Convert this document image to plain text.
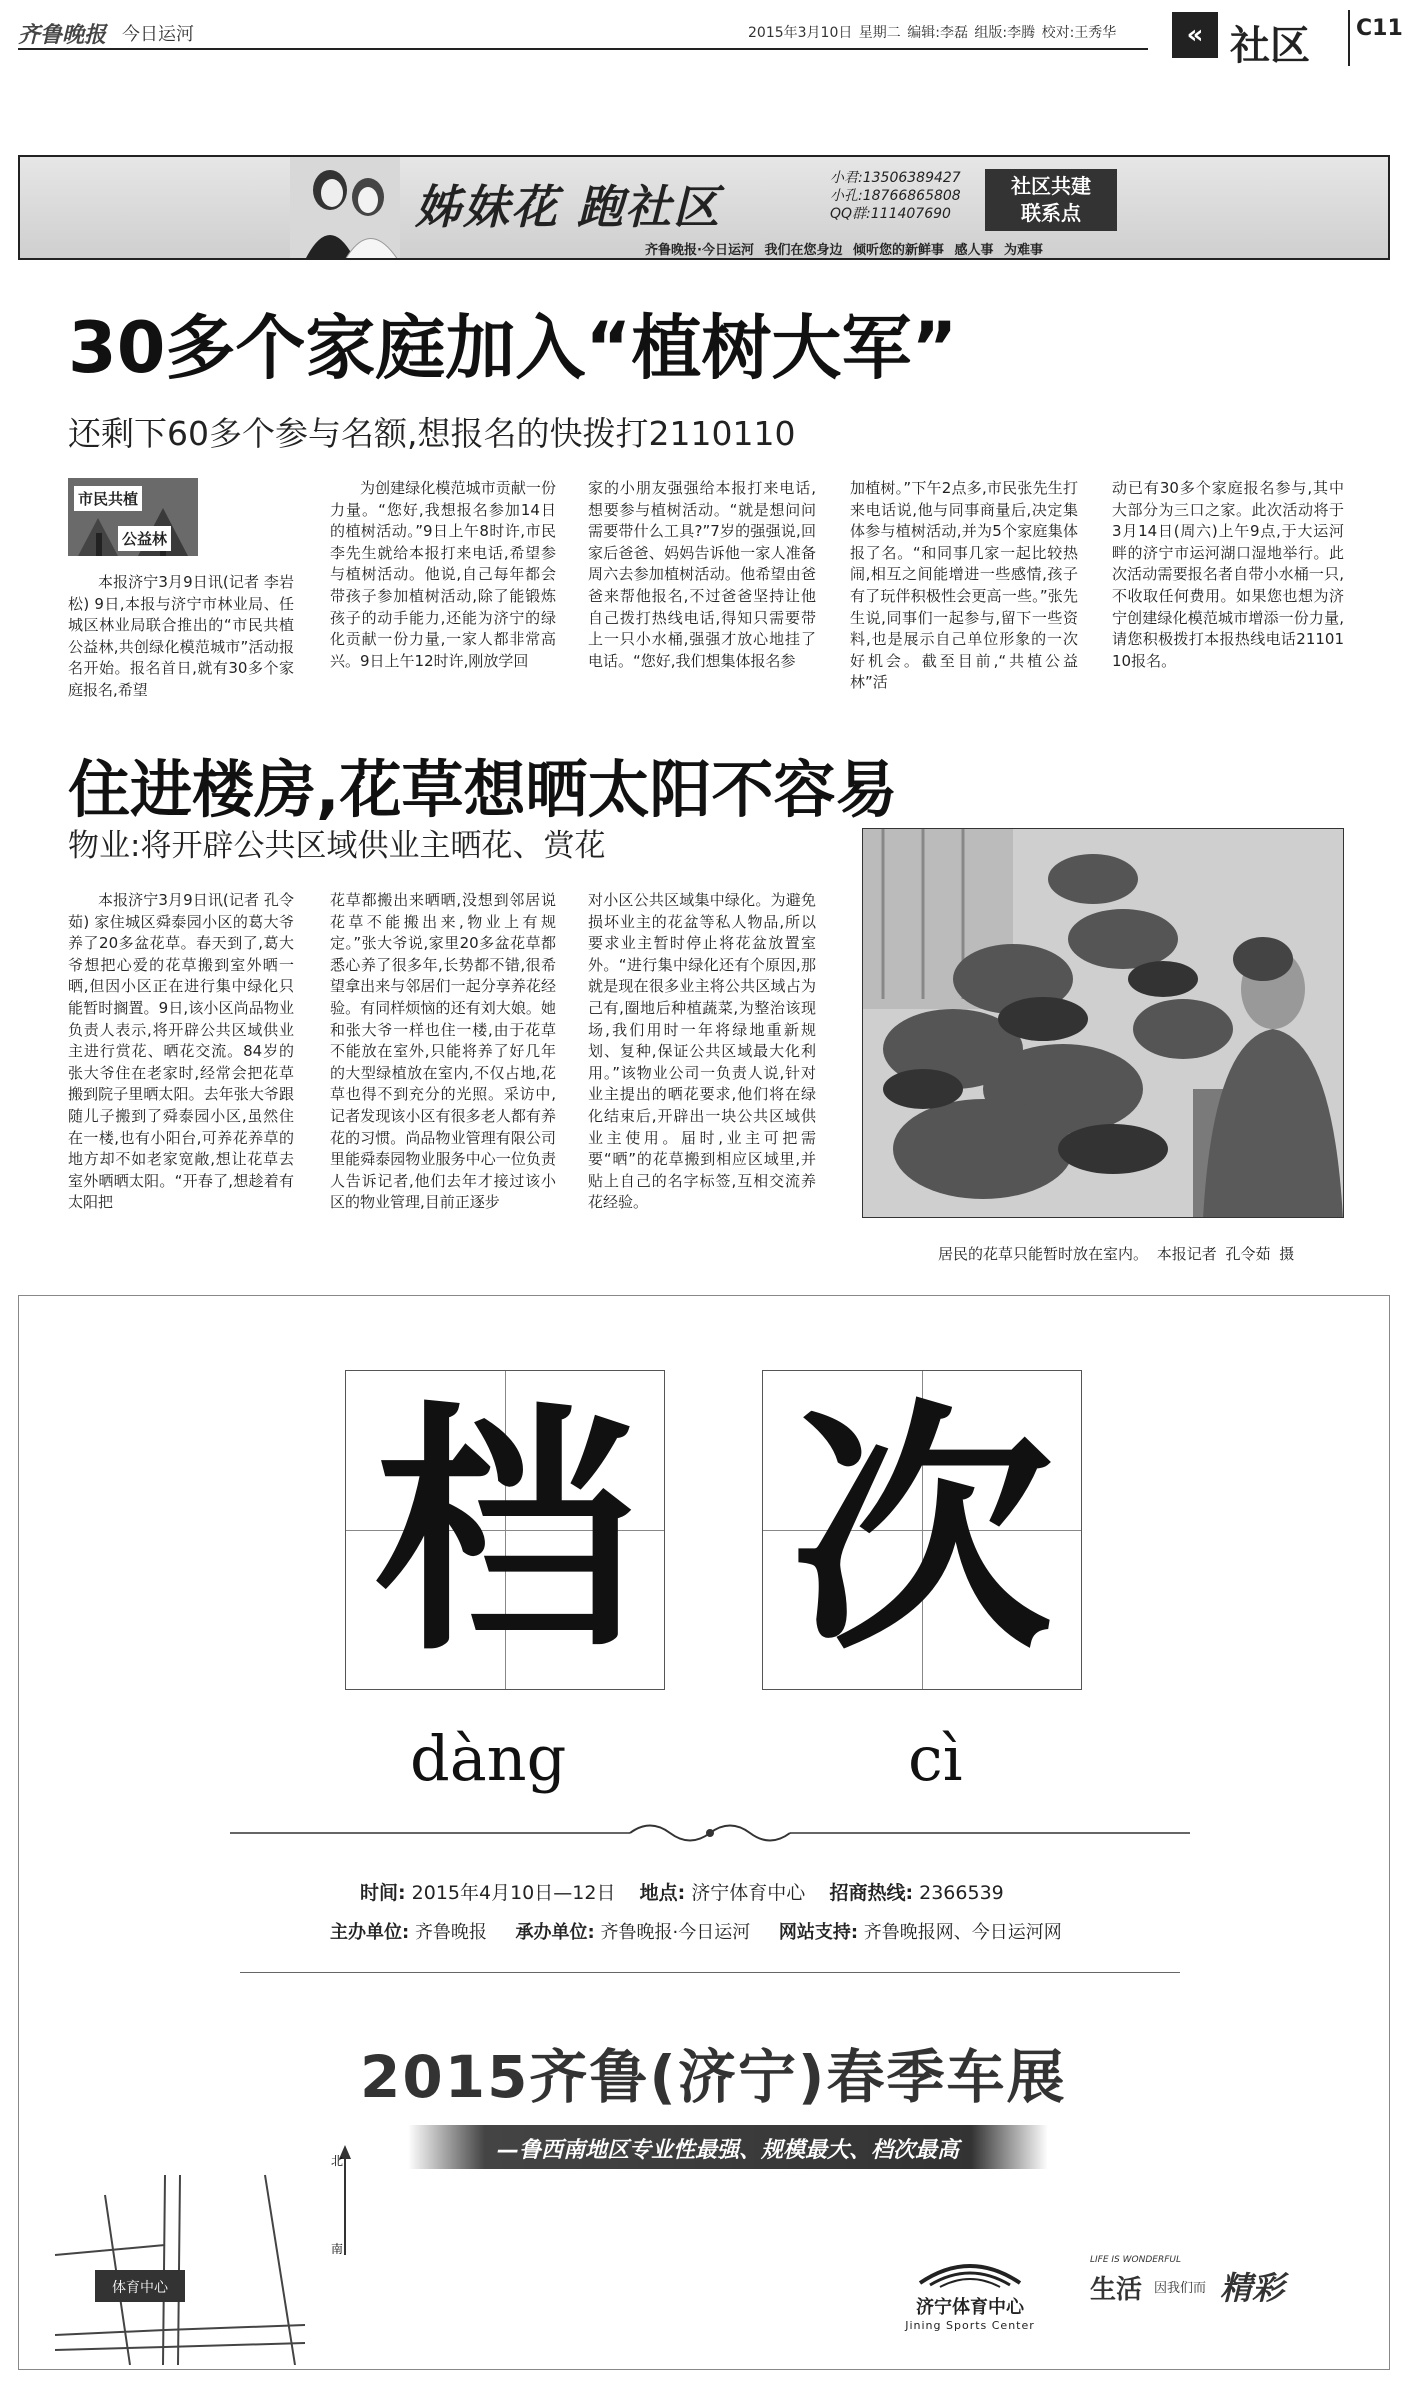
齐鲁晚报 今日运河	2015年3月10日 星期二 编辑:李磊 组版:李腾 校对:王秀华	« 社区 C11
姊妹花 跑社区
小君:13506389427
小孔:18766865808
QQ群:111407690
社区共建
联系点
齐鲁晚报·今日运河 我们在您身边 倾听您的新鲜事 感人事 为难事
30多个家庭加入“植树大军”
还剩下60多个参与名额,想报名的快拨打2110110
市民共植
公益林
本报济宁3月9日讯(记者 李岩松) 9日,本报与济宁市林业局、任城区林业局联合推出的“市民共植公益林,共创绿化模范城市”活动报名开始。报名首日,就有30多个家庭报名,希望
为创建绿化模范城市贡献一份力量。“您好,我想报名参加14日的植树活动。”9日上午8时许,市民李先生就给本报打来电话,希望参与植树活动。他说,自己每年都会带孩子参加植树活动,除了能锻炼孩子的动手能力,还能为济宁的绿化贡献一份力量,一家人都非常高兴。9日上午12时许,刚放学回
家的小朋友强强给本报打来电话,想要参与植树活动。“就是想问问需要带什么工具?”7岁的强强说,回家后爸爸、妈妈告诉他一家人准备周六去参加植树活动。他希望由爸爸来帮他报名,不过爸爸坚持让他自己拨打热线电话,得知只需要带上一只小水桶,强强才放心地挂了电话。“您好,我们想集体报名参
加植树。”下午2点多,市民张先生打来电话说,他与同事商量后,决定集体参与植树活动,并为5个家庭集体报了名。“和同事几家一起比较热闹,相互之间能增进一些感情,孩子有了玩伴积极性会更高一些。”张先生说,同事们一起参与,留下一些资料,也是展示自己单位形象的一次好机会。截至目前,“共植公益林”活
动已有30多个家庭报名参与,其中大部分为三口之家。此次活动将于3月14日(周六)上午9点,于大运河畔的济宁市运河湖口湿地举行。此次活动需要报名者自带小水桶一只,不收取任何费用。如果您也想为济宁创建绿化模范城市增添一份力量,请您积极拨打本报热线电话2110110报名。
住进楼房,花草想晒太阳不容易
物业:将开辟公共区域供业主晒花、赏花
本报济宁3月9日讯(记者 孔令茹) 家住城区舜泰园小区的葛大爷养了20多盆花草。春天到了,葛大爷想把心爱的花草搬到室外晒一晒,但因小区正在进行集中绿化只能暂时搁置。9日,该小区尚品物业负责人表示,将开辟公共区域供业主进行赏花、晒花交流。84岁的张大爷住在老家时,经常会把花草搬到院子里晒太阳。去年张大爷跟随儿子搬到了舜泰园小区,虽然住在一楼,也有小阳台,可养花养草的地方却不如老家宽敞,想让花草去室外晒晒太阳。“开春了,想趁着有太阳把
花草都搬出来晒晒,没想到邻居说花草不能搬出来,物业上有规定。”张大爷说,家里20多盆花草都悉心养了很多年,长势都不错,很希望拿出来与邻居们一起分享养花经验。有同样烦恼的还有刘大娘。她和张大爷一样也住一楼,由于花草不能放在室外,只能将养了好几年的大型绿植放在室内,不仅占地,花草也得不到充分的光照。采访中,记者发现该小区有很多老人都有养花的习惯。尚品物业管理有限公司里能舜泰园物业服务中心一位负责人告诉记者,他们去年才接过该小区的物业管理,目前正逐步
对小区公共区域集中绿化。为避免损坏业主的花盆等私人物品,所以要求业主暂时停止将花盆放置室外。“进行集中绿化还有个原因,那就是现在很多业主将公共区域占为己有,圈地后种植蔬菜,为整治该现场,我们用时一年将绿地重新规划、复种,保证公共区域最大化利用。”该物业公司一负责人说,针对业主提出的晒花要求,他们将在绿化结束后,开辟出一块公共区域供业主使用。届时,业主可把需要“晒”的花草搬到相应区域里,并贴上自己的名字标签,互相交流养花经验。
居民的花草只能暂时放在室内。 本报记者 孔令茹 摄
档 次
dàng	cì
时间: 2015年4月10日—12日 地点: 济宁体育中心 招商热线: 2366539
主办单位: 齐鲁晚报 承办单位: 齐鲁晚报·今日运河 网站支持: 齐鲁晚报网、今日运河网
2015齐鲁(济宁)春季车展
—鲁西南地区专业性最强、规模最大、档次最高
体育中心
北
南
济宁体育中心
Jining Sports Center
LIFE IS WONDERFUL
生活 因我们而 精彩
